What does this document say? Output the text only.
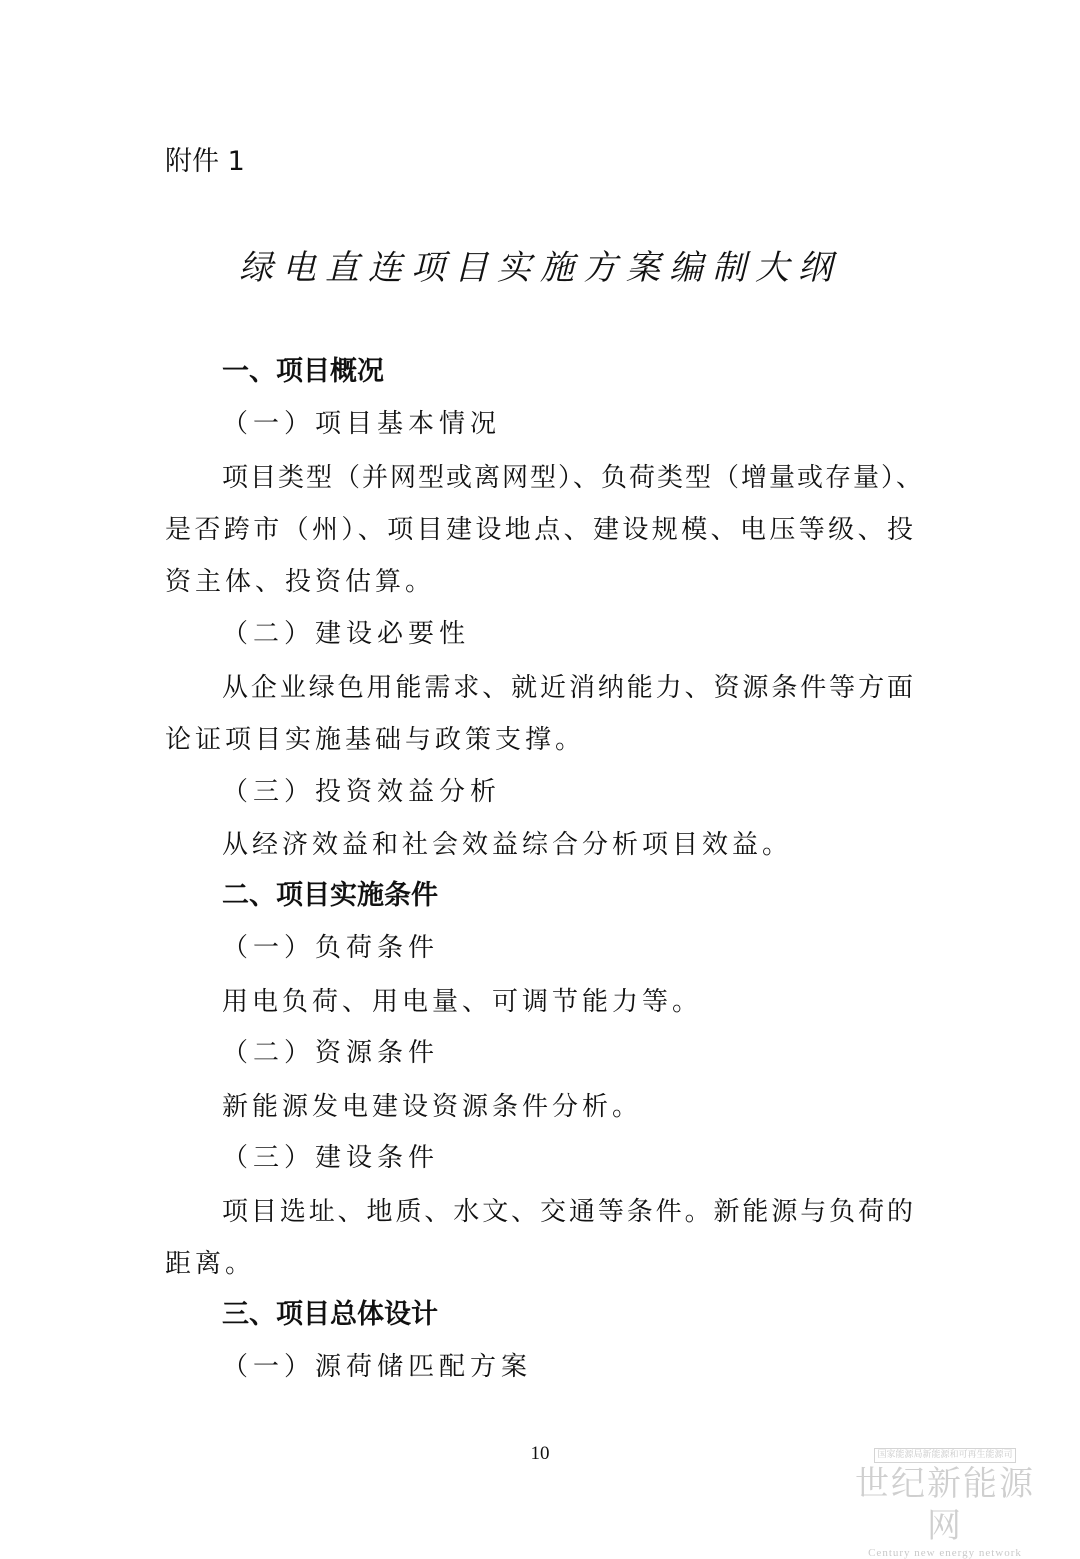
附件 1
绿电直连项目实施方案编制大纲
一、项目概况
（一）项目基本情况
项目类型（并网型或离网型）、负荷类型（增量或存量）、
是否跨市（州）、项目建设地点、建设规模、电压等级、投
资主体、投资估算。
（二）建设必要性
从企业绿色用能需求、就近消纳能力、资源条件等方面
论证项目实施基础与政策支撑。
（三）投资效益分析
从经济效益和社会效益综合分析项目效益。
二、项目实施条件
（一）负荷条件
用电负荷、用电量、可调节能力等。
（二）资源条件
新能源发电建设资源条件分析。
（三）建设条件
项目选址、地质、水文、交通等条件。新能源与负荷的
距离。
三、项目总体设计
（一）源荷储匹配方案
10	国家能源局新能源和可再生能源司
世纪新能源网
Century new energy network
